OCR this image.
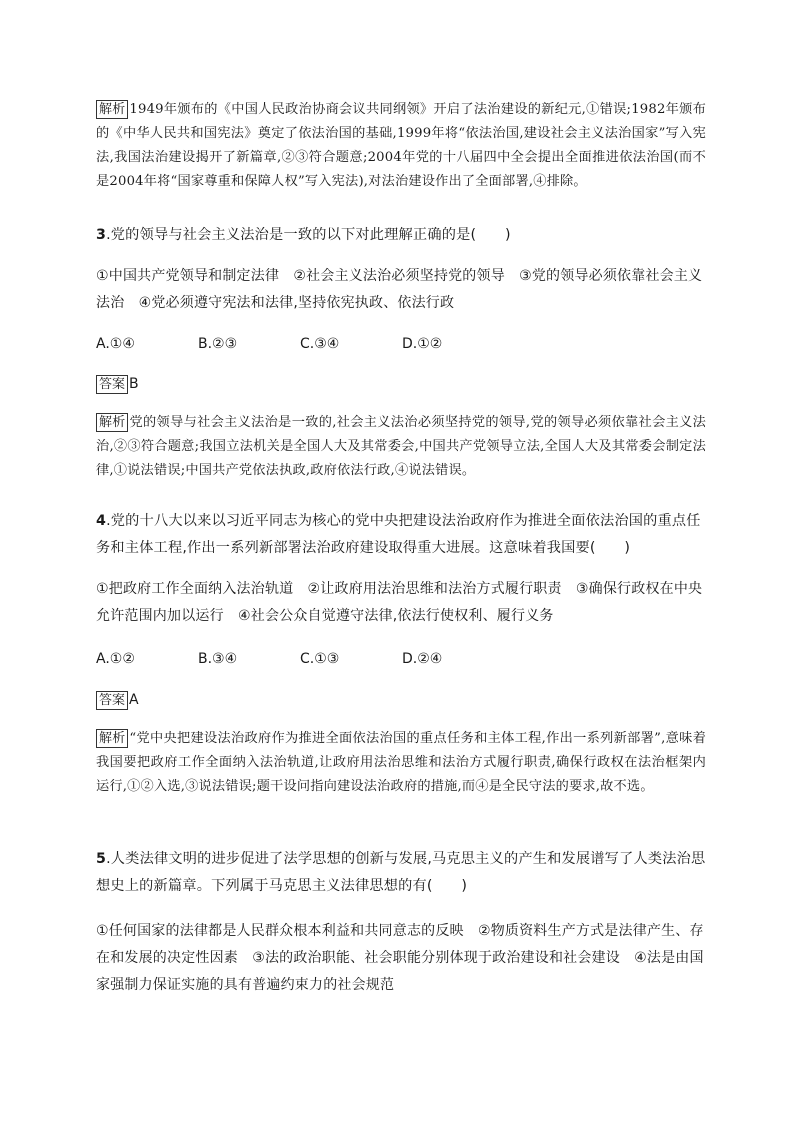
解析 1949年颁布的《中国人民政治协商会议共同纲领》开启了法治建设的新纪元,①错误;1982年颁布的《中华人民共和国宪法》奠定了依法治国的基础,1999年将“依法治国,建设社会主义法治国家”写入宪法,我国法治建设揭开了新篇章,②③符合题意;2004年党的十八届四中全会提出全面推进依法治国(而不是2004年将“国家尊重和保障人权”写入宪法),对法治建设作出了全面部署,④排除。
3.党的领导与社会主义法治是一致的以下对此理解正确的是(　　)
①中国共产党领导和制定法律　②社会主义法治必须坚持党的领导　③党的领导必须依靠社会主义法治　④党必须遵守宪法和法律,坚持依宪执政、依法行政
A.①④	B.②③	C.③④	D.①②
答案 B
解析 党的领导与社会主义法治是一致的,社会主义法治必须坚持党的领导,党的领导必须依靠社会主义法治,②③符合题意;我国立法机关是全国人大及其常委会,中国共产党领导立法,全国人大及其常委会制定法律,①说法错误;中国共产党依法执政,政府依法行政,④说法错误。
4.党的十八大以来以习近平同志为核心的党中央把建设法治政府作为推进全面依法治国的重点任务和主体工程,作出一系列新部署法治政府建设取得重大进展。这意味着我国要(　　)
①把政府工作全面纳入法治轨道　②让政府用法治思维和法治方式履行职责　③确保行政权在中央允许范围内加以运行　④社会公众自觉遵守法律,依法行使权利、履行义务
A.①②	B.③④	C.①③	D.②④
答案 A
解析 “党中央把建设法治政府作为推进全面依法治国的重点任务和主体工程,作出一系列新部署”,意味着我国要把政府工作全面纳入法治轨道,让政府用法治思维和法治方式履行职责,确保行政权在法治框架内运行,①②入选,③说法错误;题干设问指向建设法治政府的措施,而④是全民守法的要求,故不选。
5.人类法律文明的进步促进了法学思想的创新与发展,马克思主义的产生和发展谱写了人类法治思想史上的新篇章。下列属于马克思主义法律思想的有(　　)
①任何国家的法律都是人民群众根本利益和共同意志的反映　②物质资料生产方式是法律产生、存在和发展的决定性因素　③法的政治职能、社会职能分别体现于政治建设和社会建设　④法是由国家强制力保证实施的具有普遍约束力的社会规范
